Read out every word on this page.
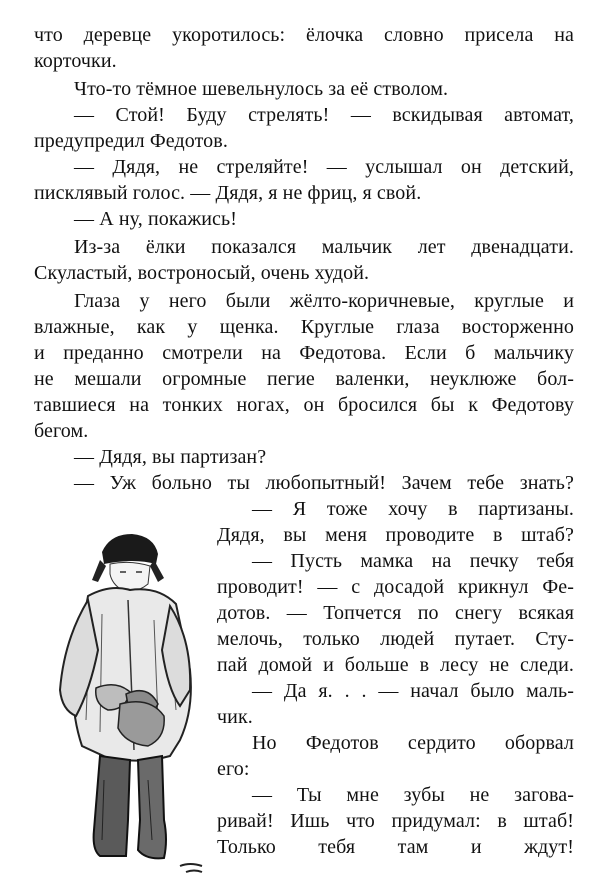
что деревце укоротилось: ёлочка словно присела на
корточки.
Что-то тёмное шевельнулось за её стволом.
— Стой! Буду стрелять! — вскидывая автомат,
предупредил Федотов.
— Дядя, не стреляйте! — услышал он детский,
писклявый голос. — Дядя, я не фриц, я свой.
— А ну, покажись!
Из-за ёлки показался мальчик лет двенадцати.
Скуластый, востроносый, очень худой.
Глаза у него были жёлто-коричневые, круглые и
влажные, как у щенка. Круглые глаза восторженно
и преданно смотрели на Федотова. Если б мальчику
не мешали огромные пегие валенки, неуклюже бол-
тавшиеся на тонких ногах, он бросился бы к Федотову
бегом.
— Дядя, вы партизан?
— Уж больно ты любопытный! Зачем тебе знать?
— Я тоже хочу в партизаны.
Дядя, вы меня проводите в штаб?
— Пусть мамка на печку тебя
проводит! — с досадой крикнул Фе-
дотов. — Топчется по снегу всякая
мелочь, только людей путает. Сту-
пай домой и больше в лесу не следи.
— Да я. . . — начал было маль-
чик.
Но Федотов сердито оборвал
его:
— Ты мне зубы не загова-
ривай! Ишь что придумал: в штаб!
Только тебя там и ждут!
